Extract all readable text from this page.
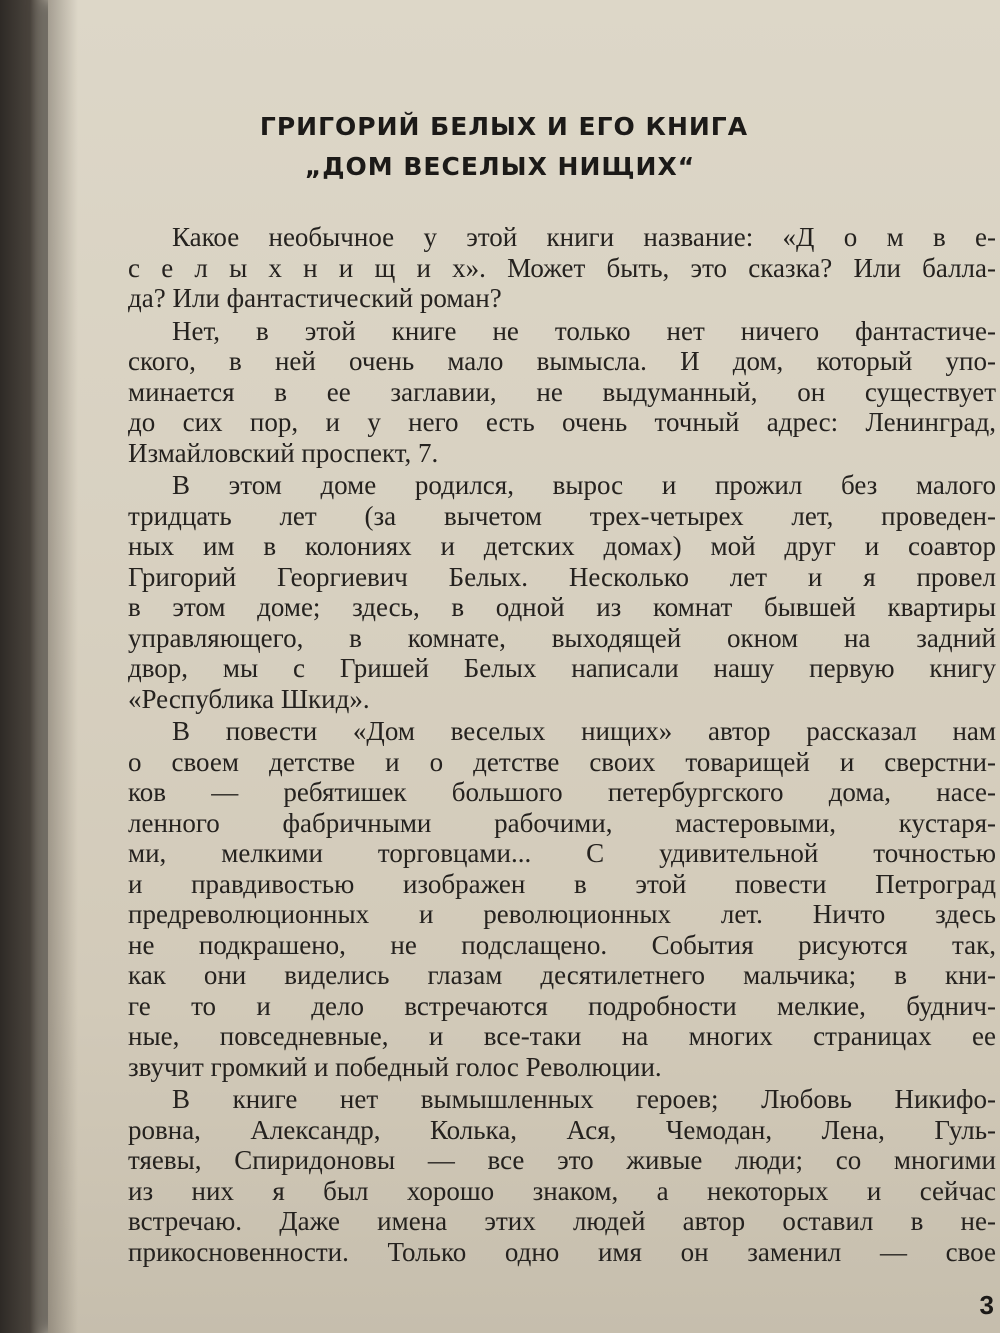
ГРИГОРИЙ БЕЛЫХ И ЕГО КНИГА
„ДОМ ВЕСЕЛЫХ НИЩИХ“
Какое необычное у этой книги название: «Д о м в е-
с е л ы х н и щ и х». Может быть, это сказка? Или балла-
да? Или фантастический роман?
Нет, в этой книге не только нет ничего фантастиче-
ского, в ней очень мало вымысла. И дом, который упо-
минается в ее заглавии, не выдуманный, он существует
до сих пор, и у него есть очень точный адрес: Ленинград,
Измайловский проспект, 7.
В этом доме родился, вырос и прожил без малого
тридцать лет (за вычетом трех-четырех лет, проведен-
ных им в колониях и детских домах) мой друг и соавтор
Григорий Георгиевич Белых. Несколько лет и я провел
в этом доме; здесь, в одной из комнат бывшей квартиры
управляющего, в комнате, выходящей окном на задний
двор, мы с Гришей Белых написали нашу первую книгу
«Республика Шкид».
В повести «Дом веселых нищих» автор рассказал нам
о своем детстве и о детстве своих товарищей и сверстни-
ков — ребятишек большого петербургского дома, насе-
ленного фабричными рабочими, мастеровыми, кустаря-
ми, мелкими торговцами... С удивительной точностью
и правдивостью изображен в этой повести Петроград
предреволюционных и революционных лет. Ничто здесь
не подкрашено, не подслащено. События рисуются так,
как они виделись глазам десятилетнего мальчика; в кни-
ге то и дело встречаются подробности мелкие, буднич-
ные, повседневные, и все-таки на многих страницах ее
звучит громкий и победный голос Революции.
В книге нет вымышленных героев; Любовь Никифо-
ровна, Александр, Колька, Ася, Чемодан, Лена, Гуль-
тяевы, Спиридоновы — все это живые люди; со многими
из них я был хорошо знаком, а некоторых и сейчас
встречаю. Даже имена этих людей автор оставил в не-
прикосновенности. Только одно имя он заменил — свое
3
